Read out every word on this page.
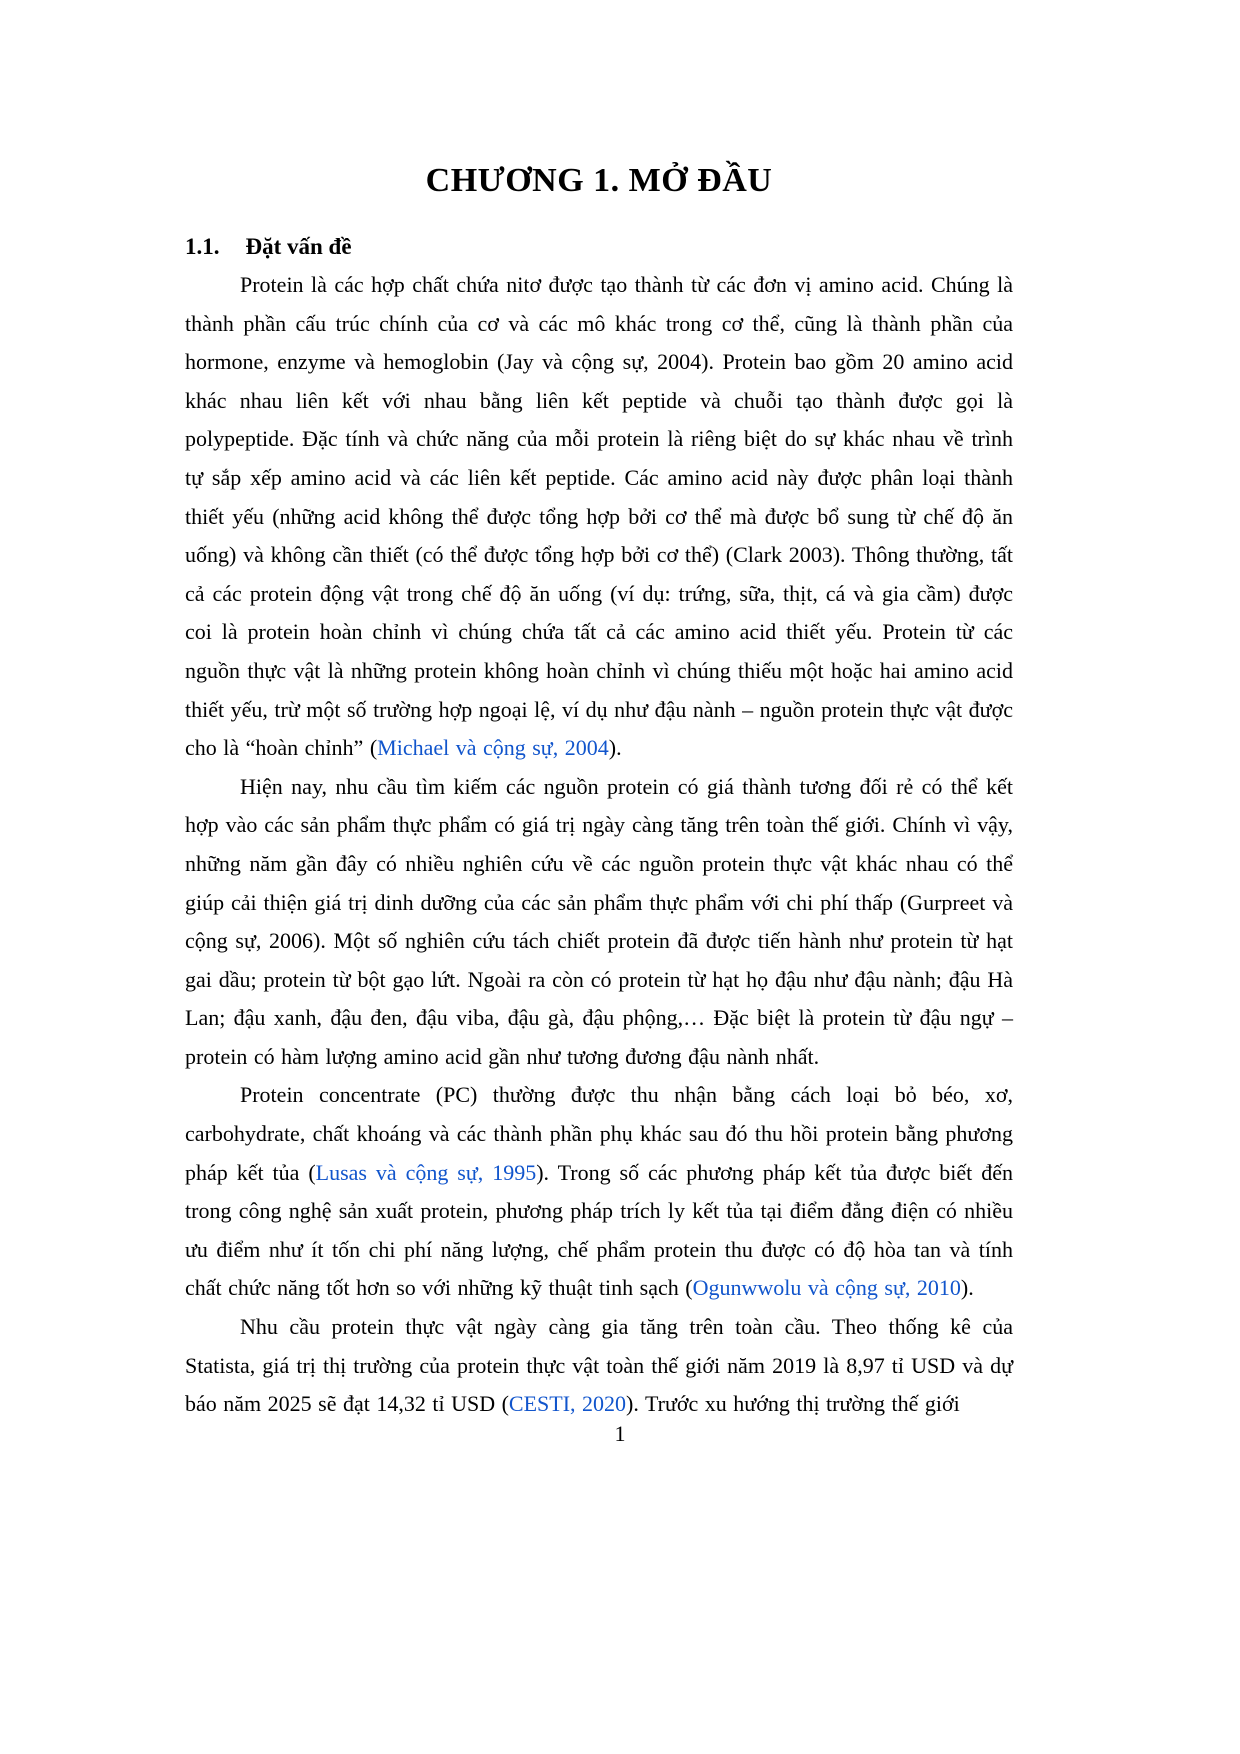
CHƯƠNG 1. MỞ ĐẦU
1.1. Đặt vấn đề

Protein là các hợp chất chứa nitơ được tạo thành từ các đơn vị amino acid. Chúng là thành phần cấu trúc chính của cơ và các mô khác trong cơ thể, cũng là thành phần của hormone, enzyme và hemoglobin (Jay và cộng sự, 2004). Protein bao gồm 20 amino acid khác nhau liên kết với nhau bằng liên kết peptide và chuỗi tạo thành được gọi là polypeptide. Đặc tính và chức năng của mỗi protein là riêng biệt do sự khác nhau về trình tự sắp xếp amino acid và các liên kết peptide. Các amino acid này được phân loại thành thiết yếu (những acid không thể được tổng hợp bởi cơ thể mà được bổ sung từ chế độ ăn uống) và không cần thiết (có thể được tổng hợp bởi cơ thể) (Clark 2003). Thông thường, tất cả các protein động vật trong chế độ ăn uống (ví dụ: trứng, sữa, thịt, cá và gia cầm) được coi là protein hoàn chỉnh vì chúng chứa tất cả các amino acid thiết yếu. Protein từ các nguồn thực vật là những protein không hoàn chỉnh vì chúng thiếu một hoặc hai amino acid thiết yếu, trừ một số trường hợp ngoại lệ, ví dụ như đậu nành – nguồn protein thực vật được cho là “hoàn chỉnh” (Michael và cộng sự, 2004).

Hiện nay, nhu cầu tìm kiếm các nguồn protein có giá thành tương đối rẻ có thể kết hợp vào các sản phẩm thực phẩm có giá trị ngày càng tăng trên toàn thế giới. Chính vì vậy, những năm gần đây có nhiều nghiên cứu về các nguồn protein thực vật khác nhau có thể giúp cải thiện giá trị dinh dưỡng của các sản phẩm thực phẩm với chi phí thấp (Gurpreet và cộng sự, 2006). Một số nghiên cứu tách chiết protein đã được tiến hành như protein từ hạt gai dầu; protein từ bột gạo lứt. Ngoài ra còn có protein từ hạt họ đậu như đậu nành; đậu Hà Lan; đậu xanh, đậu đen, đậu viba, đậu gà, đậu phộng,… Đặc biệt là protein từ đậu ngự – protein có hàm lượng amino acid gần như tương đương đậu nành nhất.

Protein concentrate (PC) thường được thu nhận bằng cách loại bỏ béo, xơ, carbohydrate, chất khoáng và các thành phần phụ khác sau đó thu hồi protein bằng phương pháp kết tủa (Lusas và cộng sự, 1995). Trong số các phương pháp kết tủa được biết đến trong công nghệ sản xuất protein, phương pháp trích ly kết tủa tại điểm đẳng điện có nhiều ưu điểm như ít tốn chi phí năng lượng, chế phẩm protein thu được có độ hòa tan và tính chất chức năng tốt hơn so với những kỹ thuật tinh sạch (Ogunwwolu và cộng sự, 2010).

Nhu cầu protein thực vật ngày càng gia tăng trên toàn cầu. Theo thống kê của Statista, giá trị thị trường của protein thực vật toàn thế giới năm 2019 là 8,97 tỉ USD và dự báo năm 2025 sẽ đạt 14,32 tỉ USD (CESTI, 2020). Trước xu hướng thị trường thế giới

1
